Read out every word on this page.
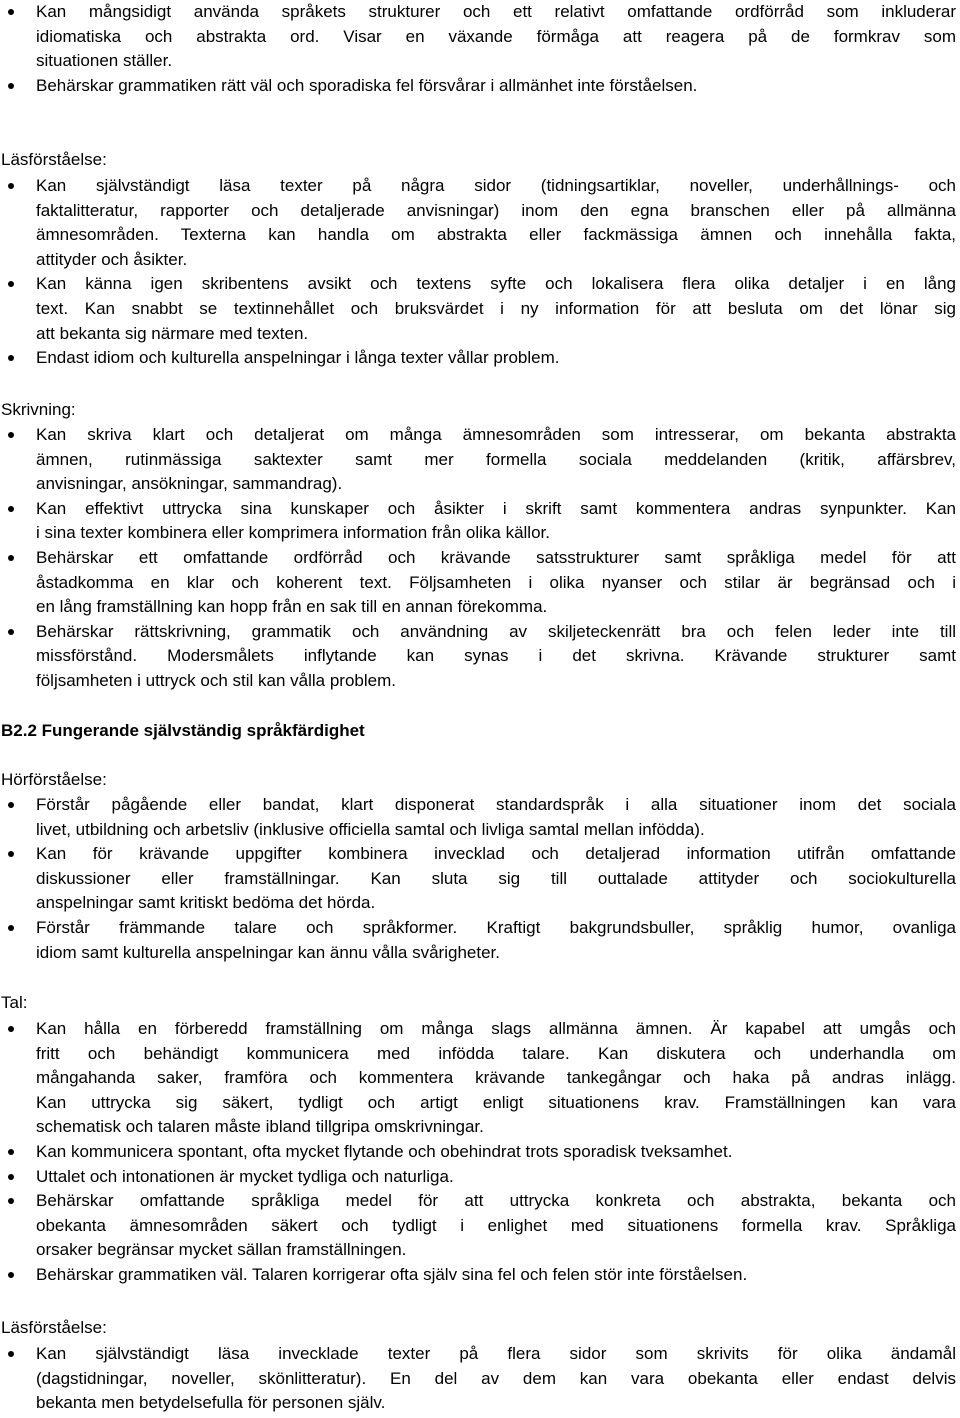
Kan mångsidigt använda språkets strukturer och ett relativt omfattande ordförråd som inkluderar
idiomatiska och abstrakta ord. Visar en växande förmåga att reagera på de formkrav som
situationen ställer.
Behärskar grammatiken rätt väl och sporadiska fel försvårar i allmänhet inte förståelsen.
Läsförståelse:
Kan självständigt läsa texter på några sidor (tidningsartiklar, noveller, underhållnings- och
faktalitteratur, rapporter och detaljerade anvisningar) inom den egna branschen eller på allmänna
ämnesområden. Texterna kan handla om abstrakta eller fackmässiga ämnen och innehålla fakta,
attityder och åsikter.
Kan känna igen skribentens avsikt och textens syfte och lokalisera flera olika detaljer i en lång
text. Kan snabbt se textinnehållet och bruksvärdet i ny information för att besluta om det lönar sig
att bekanta sig närmare med texten.
Endast idiom och kulturella anspelningar i långa texter vållar problem.
Skrivning:
Kan skriva klart och detaljerat om många ämnesområden som intresserar, om bekanta abstrakta
ämnen, rutinmässiga saktexter samt mer formella sociala meddelanden (kritik, affärsbrev,
anvisningar, ansökningar, sammandrag).
Kan effektivt uttrycka sina kunskaper och åsikter i skrift samt kommentera andras synpunkter. Kan
i sina texter kombinera eller komprimera information från olika källor.
Behärskar ett omfattande ordförråd och krävande satsstrukturer samt språkliga medel för att
åstadkomma en klar och koherent text. Följsamheten i olika nyanser och stilar är begränsad och i
en lång framställning kan hopp från en sak till en annan förekomma.
Behärskar rättskrivning, grammatik och användning av skiljeteckenrätt bra och felen leder inte till
missförstånd. Modersmålets inflytande kan synas i det skrivna. Krävande strukturer samt
följsamheten i uttryck och stil kan vålla problem.
B2.2 Fungerande självständig språkfärdighet
Hörförståelse:
Förstår pågående eller bandat, klart disponerat standardspråk i alla situationer inom det sociala
livet, utbildning och arbetsliv (inklusive officiella samtal och livliga samtal mellan infödda).
Kan för krävande uppgifter kombinera invecklad och detaljerad information utifrån omfattande
diskussioner eller framställningar. Kan sluta sig till outtalade attityder och sociokulturella
anspelningar samt kritiskt bedöma det hörda.
Förstår främmande talare och språkformer. Kraftigt bakgrundsbuller, språklig humor, ovanliga
idiom samt kulturella anspelningar kan ännu vålla svårigheter.
Tal:
Kan hålla en förberedd framställning om många slags allmänna ämnen. Är kapabel att umgås och
fritt och behändigt kommunicera med infödda talare. Kan diskutera och underhandla om
mångahanda saker, framföra och kommentera krävande tankegångar och haka på andras inlägg.
Kan uttrycka sig säkert, tydligt och artigt enligt situationens krav. Framställningen kan vara
schematisk och talaren måste ibland tillgripa omskrivningar.
Kan kommunicera spontant, ofta mycket flytande och obehindrat trots sporadisk tveksamhet.
Uttalet och intonationen är mycket tydliga och naturliga.
Behärskar omfattande språkliga medel för att uttrycka konkreta och abstrakta, bekanta och
obekanta ämnesområden säkert och tydligt i enlighet med situationens formella krav. Språkliga
orsaker begränsar mycket sällan framställningen.
Behärskar grammatiken väl. Talaren korrigerar ofta själv sina fel och felen stör inte förståelsen.
Läsförståelse:
Kan självständigt läsa invecklade texter på flera sidor som skrivits för olika ändamål
(dagstidningar, noveller, skönlitteratur). En del av dem kan vara obekanta eller endast delvis
bekanta men betydelsefulla för personen själv.
